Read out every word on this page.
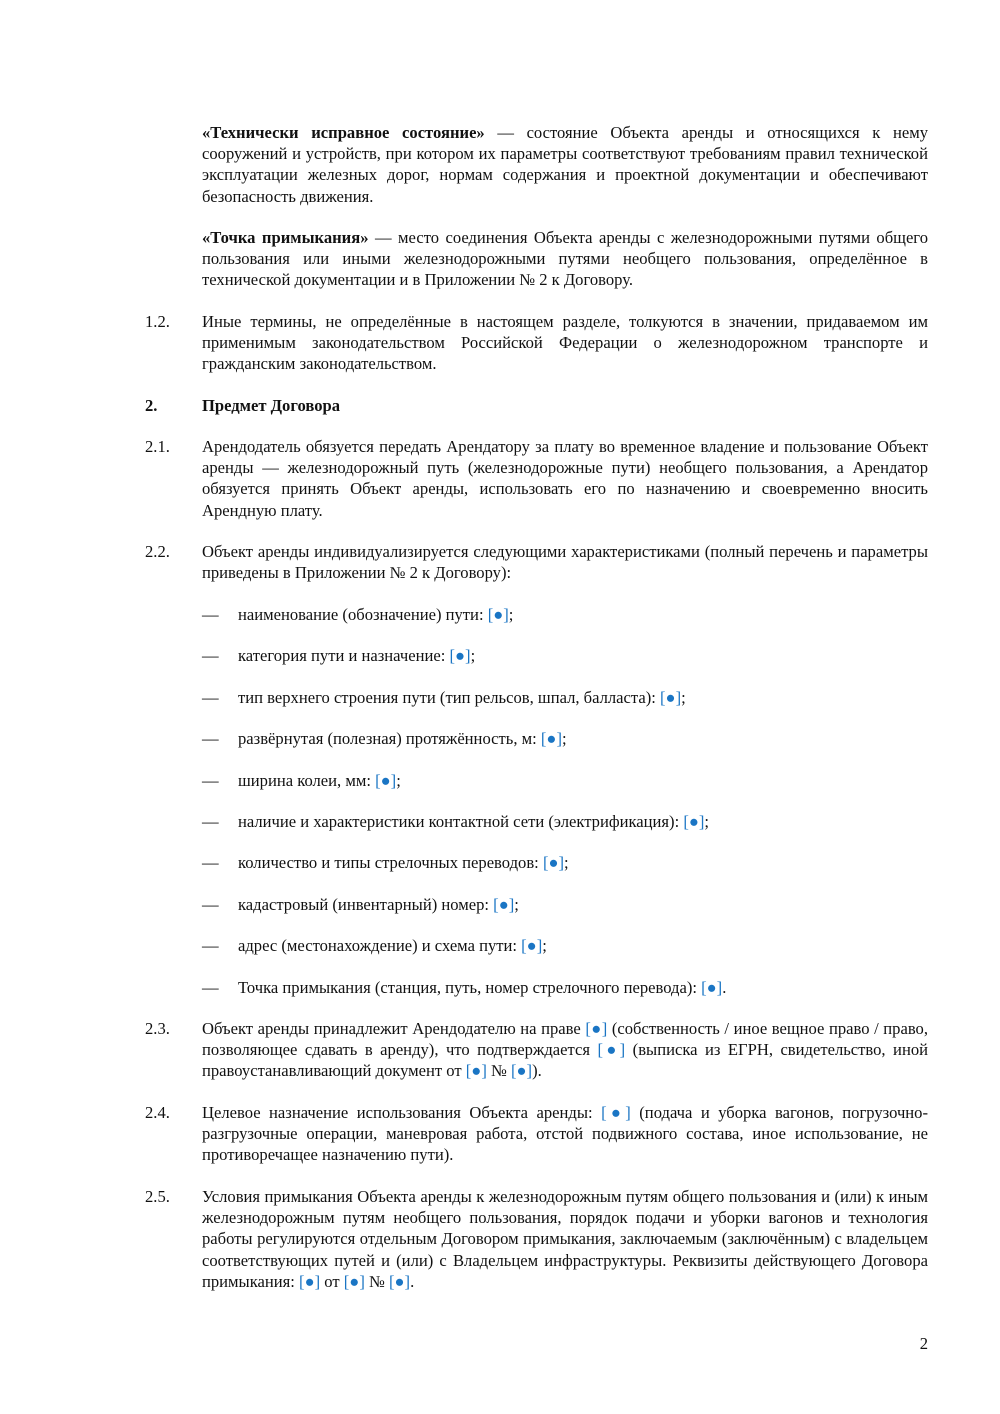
«Технически исправное состояние» — состояние Объекта аренды и относящихся к нему сооружений и устройств, при котором их параметры соответствуют требованиям правил технической эксплуатации железных дорог, нормам содержания и проектной документации и обеспечивают безопасность движения.
«Точка примыкания» — место соединения Объекта аренды с железнодорожными путями общего пользования или иными железнодорожными путями необщего пользования, определённое в технической документации и в Приложении № 2 к Договору.
1.2. Иные термины, не определённые в настоящем разделе, толкуются в значении, придаваемом им применимым законодательством Российской Федерации о железнодорожном транспорте и гражданским законодательством.
2.	Предмет Договора
2.1. Арендодатель обязуется передать Арендатору за плату во временное владение и пользование Объект аренды — железнодорожный путь (железнодорожные пути) необщего пользования, а Арендатор обязуется принять Объект аренды, использовать его по назначению и своевременно вносить Арендную плату.
2.2. Объект аренды индивидуализируется следующими характеристиками (полный перечень и параметры приведены в Приложении № 2 к Договору):
— наименование (обозначение) пути: [●];
— категория пути и назначение: [●];
— тип верхнего строения пути (тип рельсов, шпал, балласта): [●];
— развёрнутая (полезная) протяжённость, м: [●];
— ширина колеи, мм: [●];
— наличие и характеристики контактной сети (электрификация): [●];
— количество и типы стрелочных переводов: [●];
— кадастровый (инвентарный) номер: [●];
— адрес (местонахождение) и схема пути: [●];
— Точка примыкания (станция, путь, номер стрелочного перевода): [●].
2.3. Объект аренды принадлежит Арендодателю на праве [●] (собственность / иное вещное право / право, позволяющее сдавать в аренду), что подтверждается [●] (выписка из ЕГРН, свидетельство, иной правоустанавливающий документ от [●] № [●]).
2.4. Целевое назначение использования Объекта аренды: [●] (подача и уборка вагонов, погрузочно-разгрузочные операции, маневровая работа, отстой подвижного состава, иное использование, не противоречащее назначению пути).
2.5. Условия примыкания Объекта аренды к железнодорожным путям общего пользования и (или) к иным железнодорожным путям необщего пользования, порядок подачи и уборки вагонов и технология работы регулируются отдельным Договором примыкания, заключаемым (заключённым) с владельцем соответствующих путей и (или) с Владельцем инфраструктуры. Реквизиты действующего Договора примыкания: [●] от [●] № [●].
2
